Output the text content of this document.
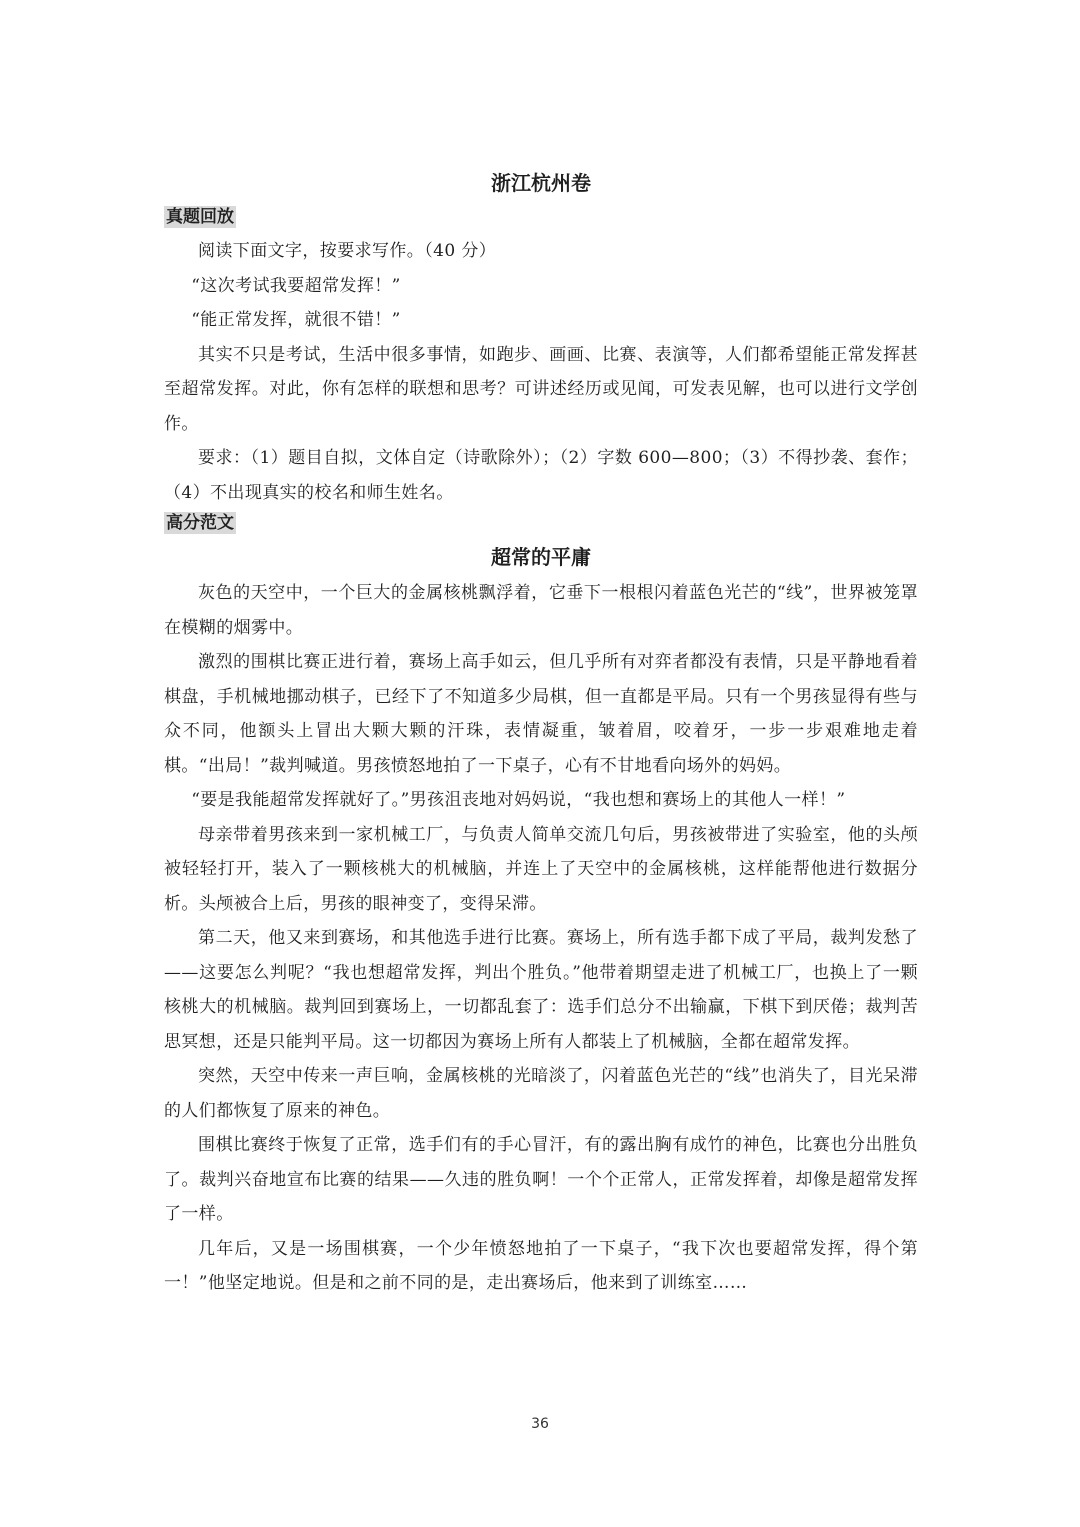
浙江杭州卷
真题回放

阅读下面文字，按要求写作。（40 分）

“这次考试我要超常发挥！”

“能正常发挥，就很不错！”

其实不只是考试，生活中很多事情，如跑步、画画、比赛、表演等，人们都希望能正常发挥甚至超常发挥。对此，你有怎样的联想和思考？可讲述经历或见闻，可发表见解，也可以进行文学创作。

要求：（1）题目自拟，文体自定（诗歌除外）；（2）字数 600—800；（3）不得抄袭、套作；（4）不出现真实的校名和师生姓名。

高分范文
超常的平庸

灰色的天空中，一个巨大的金属核桃飘浮着，它垂下一根根闪着蓝色光芒的“线”，世界被笼罩在模糊的烟雾中。

激烈的围棋比赛正进行着，赛场上高手如云，但几乎所有对弈者都没有表情，只是平静地看着棋盘，手机械地挪动棋子，已经下了不知道多少局棋，但一直都是平局。只有一个男孩显得有些与众不同，他额头上冒出大颗大颗的汗珠，表情凝重，皱着眉，咬着牙，一步一步艰难地走着棋。“出局！”裁判喊道。男孩愤怒地拍了一下桌子，心有不甘地看向场外的妈妈。

“要是我能超常发挥就好了。”男孩沮丧地对妈妈说，“我也想和赛场上的其他人一样！”

母亲带着男孩来到一家机械工厂，与负责人简单交流几句后，男孩被带进了实验室，他的头颅被轻轻打开，装入了一颗核桃大的机械脑，并连上了天空中的金属核桃，这样能帮他进行数据分析。头颅被合上后，男孩的眼神变了，变得呆滞。

第二天，他又来到赛场，和其他选手进行比赛。赛场上，所有选手都下成了平局，裁判发愁了——这要怎么判呢？“我也想超常发挥，判出个胜负。”他带着期望走进了机械工厂，也换上了一颗核桃大的机械脑。裁判回到赛场上，一切都乱套了：选手们总分不出输赢，下棋下到厌倦；裁判苦思冥想，还是只能判平局。这一切都因为赛场上所有人都装上了机械脑，全都在超常发挥。

突然，天空中传来一声巨响，金属核桃的光暗淡了，闪着蓝色光芒的“线”也消失了，目光呆滞的人们都恢复了原来的神色。

围棋比赛终于恢复了正常，选手们有的手心冒汗，有的露出胸有成竹的神色，比赛也分出胜负了。裁判兴奋地宣布比赛的结果——久违的胜负啊！一个个正常人，正常发挥着，却像是超常发挥了一样。

几年后，又是一场围棋赛，一个少年愤怒地拍了一下桌子，“我下次也要超常发挥，得个第一！”他坚定地说。但是和之前不同的是，走出赛场后，他来到了训练室……

36
